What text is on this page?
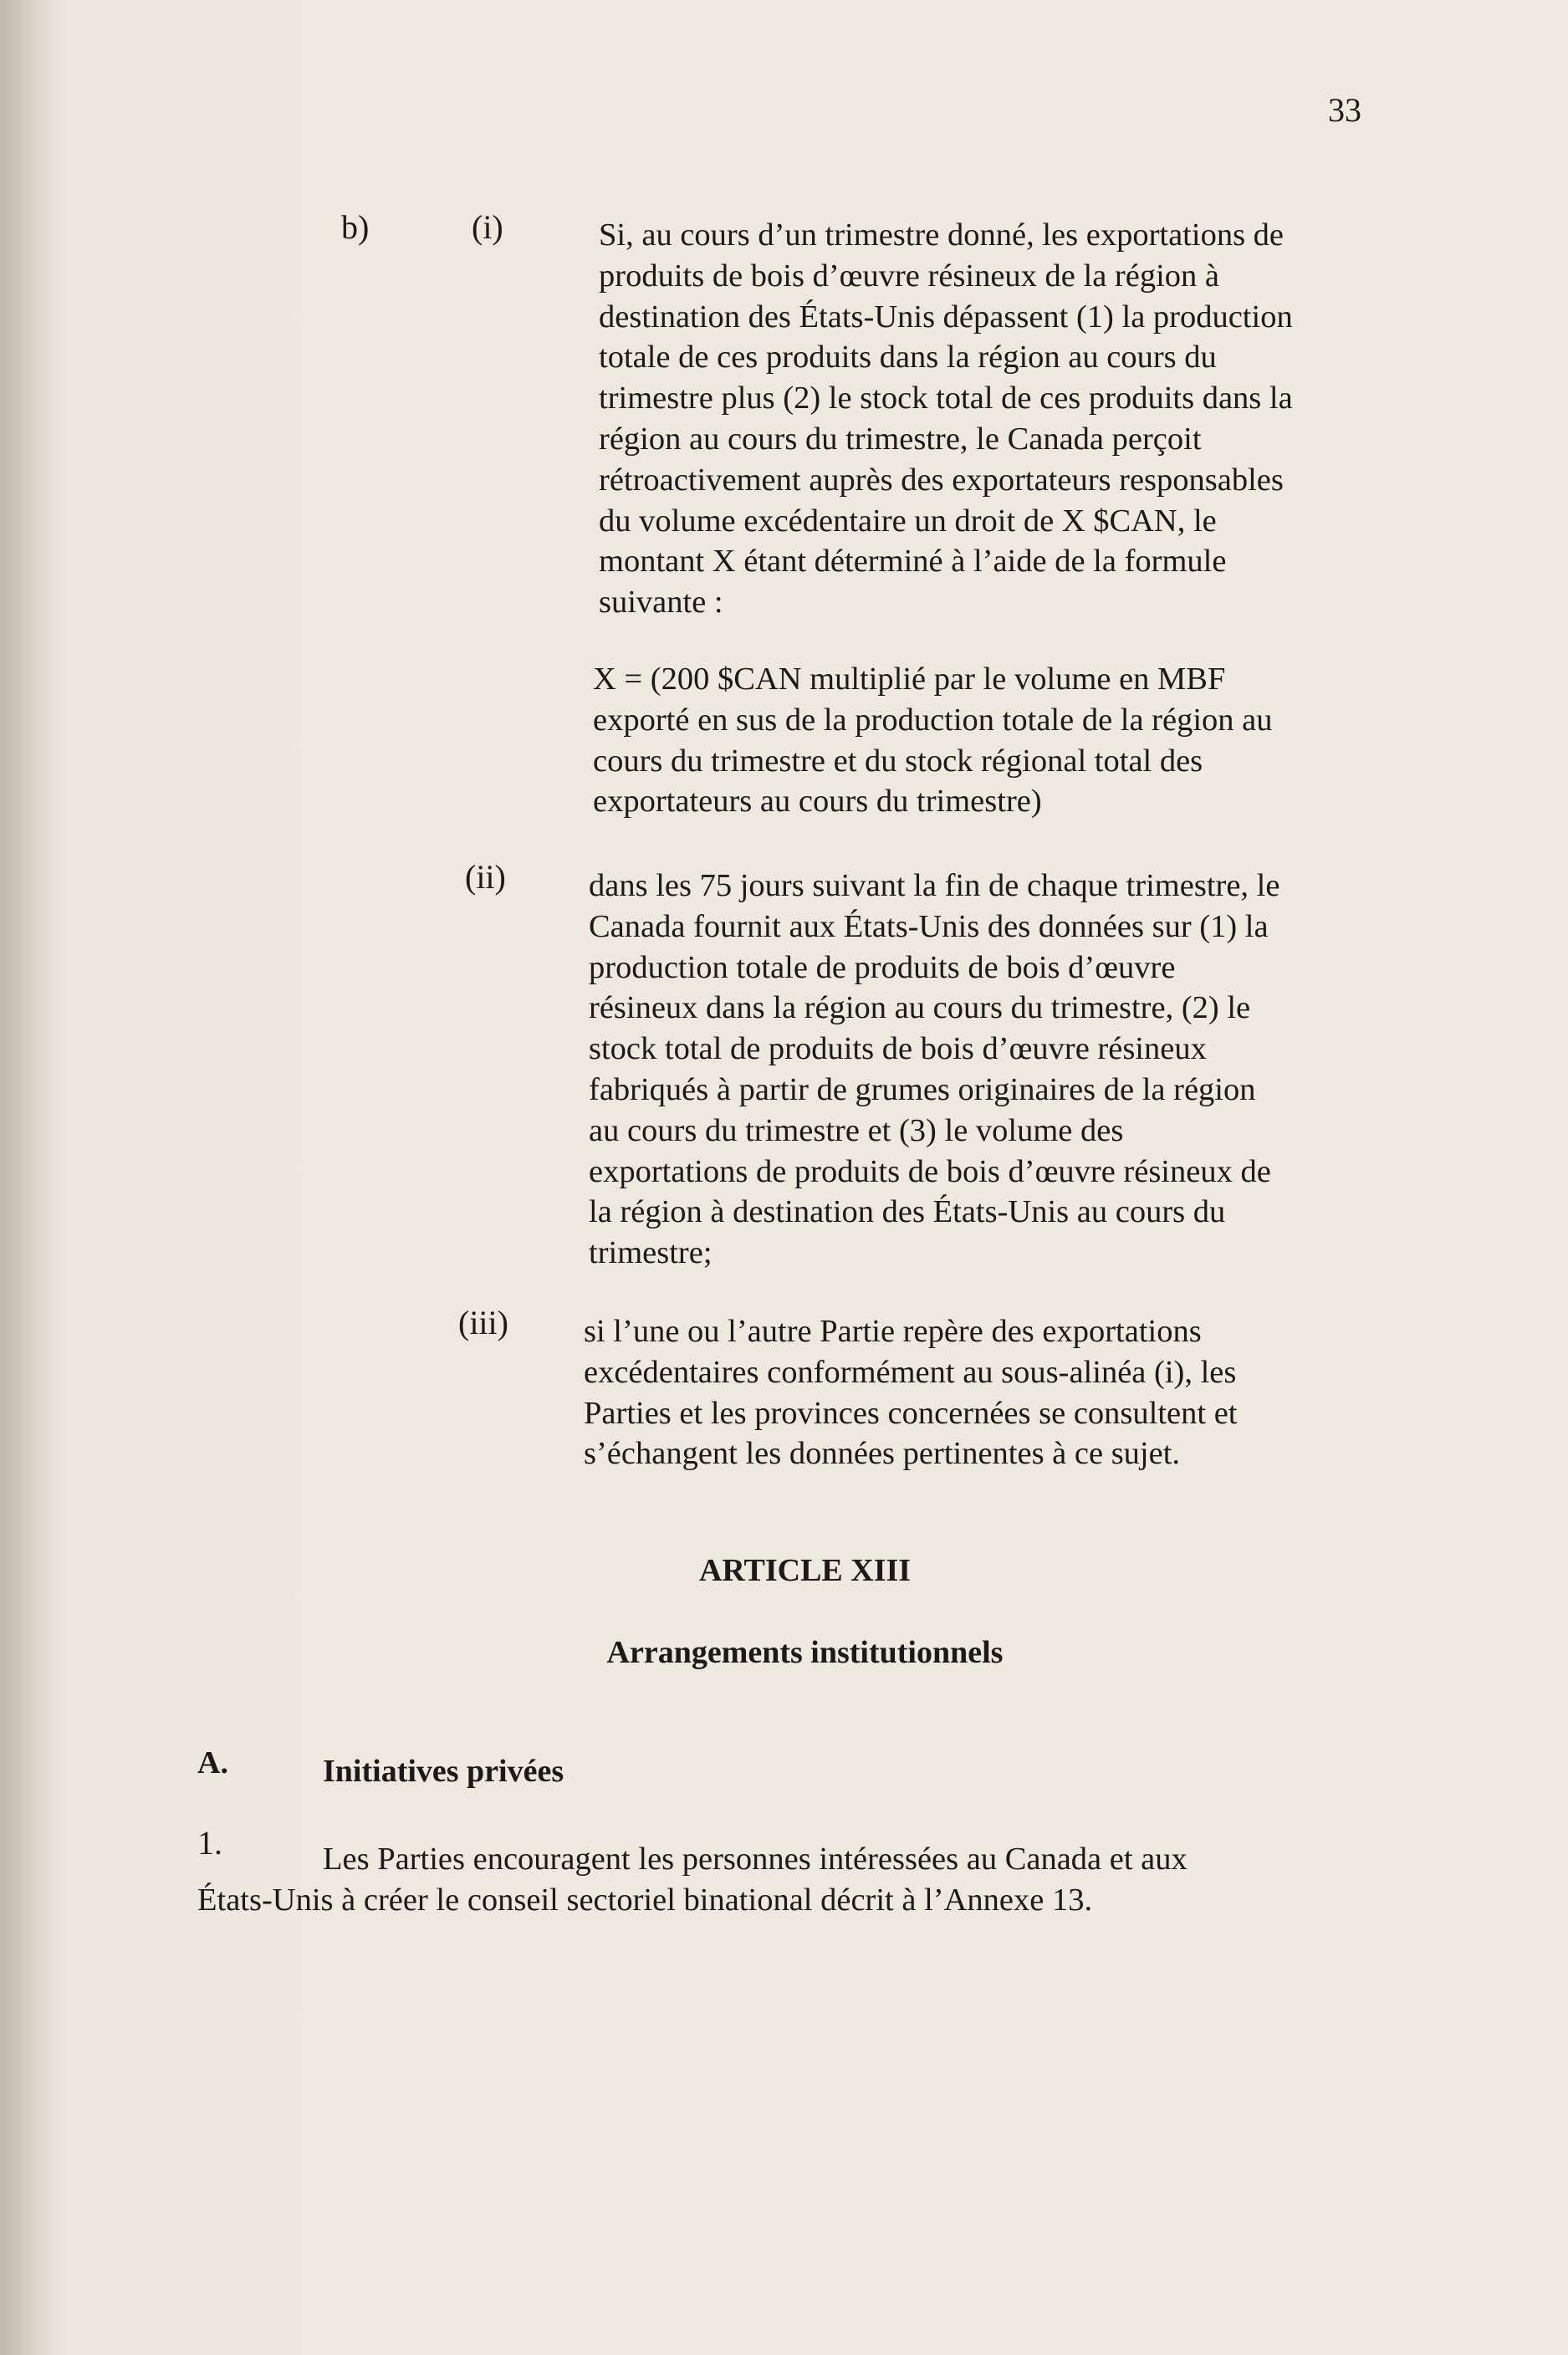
33
b)	(i)	Si, au cours d’un trimestre donné, les exportations de
produits de bois d’œuvre résineux de la région à
destination des États-Unis dépassent (1) la production
totale de ces produits dans la région au cours du
trimestre plus (2) le stock total de ces produits dans la
région au cours du trimestre, le Canada perçoit
rétroactivement auprès des exportateurs responsables
du volume excédentaire un droit de X $CAN, le
montant X étant déterminé à l’aide de la formule
suivante :
X = (200 $CAN multiplié par le volume en MBF
exporté en sus de la production totale de la région au
cours du trimestre et du stock régional total des
exportateurs au cours du trimestre)
(ii)	dans les 75 jours suivant la fin de chaque trimestre, le
Canada fournit aux États-Unis des données sur (1) la
production totale de produits de bois d’œuvre
résineux dans la région au cours du trimestre, (2) le
stock total de produits de bois d’œuvre résineux
fabriqués à partir de grumes originaires de la région
au cours du trimestre et (3) le volume des
exportations de produits de bois d’œuvre résineux de
la région à destination des États-Unis au cours du
trimestre;
(iii) si l’une ou l’autre Partie repère des exportations
excédentaires conformément au sous-alinéa (i), les
Parties et les provinces concernées se consultent et
s’échangent les données pertinentes à ce sujet.
ARTICLE XIII
Arrangements institutionnels
A.	Initiatives privées
1.	Les Parties encouragent les personnes intéressées au Canada et aux
États-Unis à créer le conseil sectoriel binational décrit à l’Annexe 13.
